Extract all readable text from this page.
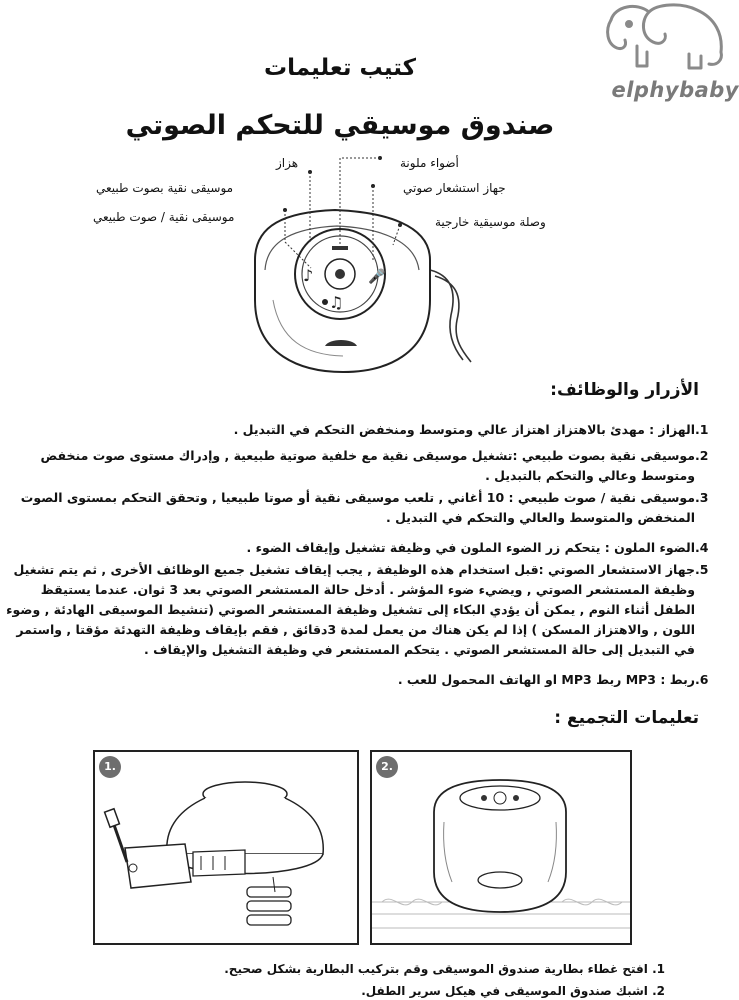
elphybaby
كتيب تعليمات
صندوق موسيقي للتحكم الصوتي
♪	🎤
♫
هزاز	أضواء ملونة
موسيقى نقية بصوت طبيعي	جهاز استشعار صوتي
موسيقى نقية / صوت طبيعي	وصلة موسيقية خارجية
الأزرار والوظائف:
1.الهزاز : مهدئ بالاهتزاز اهتزاز عالي ومتوسط ومنخفض التحكم في التبديل .
2.موسيقى نقية بصوت طبيعي :تشغيل موسيقى نقية مع خلفية صوتية طبيعية , وإدراك مستوى صوت منخفض
ومتوسط وعالي والتحكم بالتبديل .
3.موسيقى نقية / صوت طبيعي : 10 أغاني , تلعب موسيقى نقية أو صوتا طبيعيا , وتحقق التحكم بمستوى الصوت
المنخفض والمتوسط والعالي والتحكم في التبديل .
4.الضوء الملون : يتحكم زر الضوء الملون في وظيفة تشغيل وإيقاف الضوء .
5.جهاز الاستشعار الصوتي :قبل استخدام هذه الوظيفة , يجب إيقاف تشغيل جميع الوظائف الأخرى , ثم يتم تشغيل
وظيفة المستشعر الصوتي , ويضيء ضوء المؤشر . أدخل حالة المستشعر الصوتي بعد 3 ثوان. عندما يستيقظ
الطفل أثناء النوم , يمكن أن يؤدي البكاء إلى تشغيل وظيفة المستشعر الصوتي (تنشيط الموسيقى الهادئة , وضوء
اللون , والاهتزاز المسكن ) إذا لم يكن هناك من يعمل لمدة 3دقائق , فقم بإيقاف وظيفة التهدئة مؤقتا , واستمر
في التبديل إلى حالة المستشعر الصوتي . يتحكم المستشعر في وظيفة التشغيل والإيقاف .
6.ربط : MP3 ربط MP3 او الهاتف المحمول للعب .
تعليمات التجميع :
1.	2.
1. افتح غطاء بطارية صندوق الموسيقى وقم بتركيب البطارية بشكل صحيح.
2. اشبك صندوق الموسيقى في هيكل سرير الطفل.
